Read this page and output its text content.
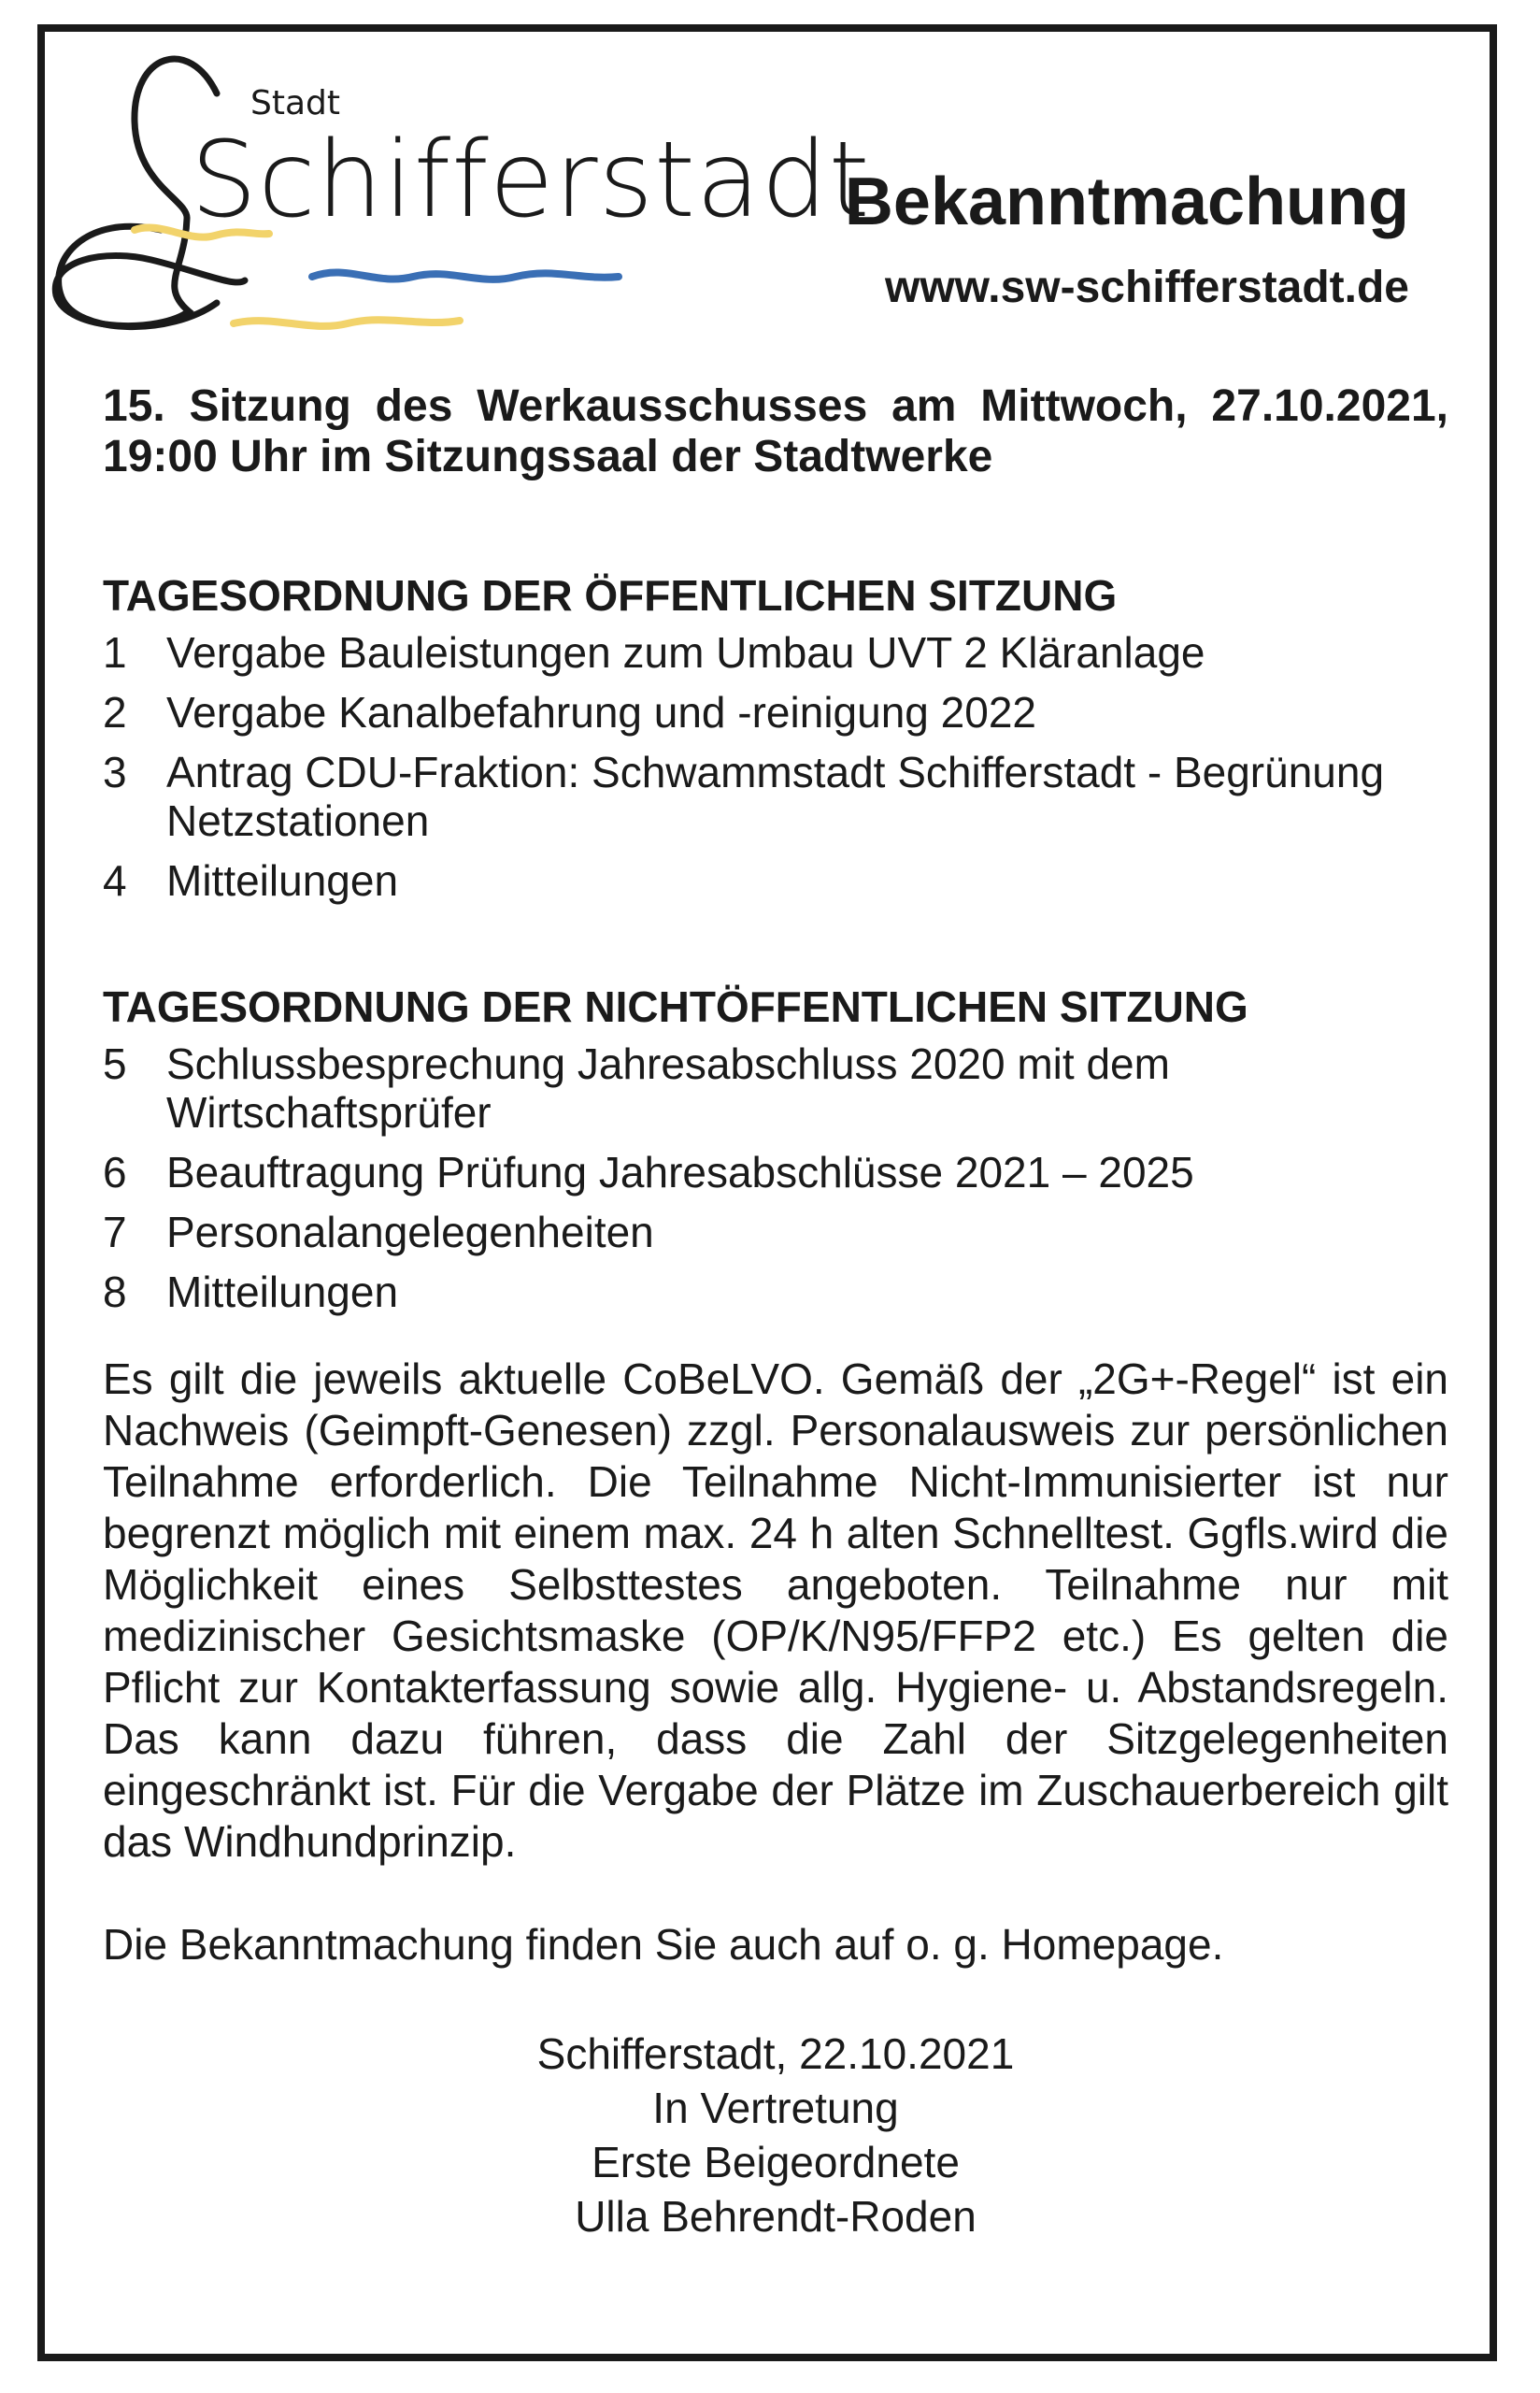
Stadt
Schifferstadt
Bekanntmachung
www.sw-schifferstadt.de
15. Sitzung des Werkausschusses am Mittwoch, 27.10.2021, 19:00 Uhr im Sitzungssaal der Stadtwerke
TAGESORDNUNG DER ÖFFENTLICHEN SITZUNG
1 Vergabe Bauleistungen zum Umbau UVT 2 Kläranlage
2 Vergabe Kanalbefahrung und -reinigung 2022
3 Antrag CDU-Fraktion: Schwammstadt Schifferstadt - Begrünung Netzstationen
4 Mitteilungen
TAGESORDNUNG DER NICHTÖFFENTLICHEN SITZUNG
5 Schlussbesprechung Jahresabschluss 2020 mit dem Wirtschaftsprüfer
6 Beauftragung Prüfung Jahresabschlüsse 2021 – 2025
7 Personalangelegenheiten
8 Mitteilungen
Es gilt die jeweils aktuelle CoBeLVO. Gemäß der „2G+-Regel“ ist ein Nachweis (Geimpft-Genesen) zzgl. Personalausweis zur persönlichen Teilnahme erforderlich. Die Teilnahme Nicht-Immunisierter ist nur begrenzt möglich mit einem max. 24 h alten Schnelltest. Ggfls.wird die Möglichkeit eines Selbsttestes angeboten. Teilnahme nur mit medizinischer Gesichtsmaske (OP/K/N95/FFP2 etc.) Es gelten die Pflicht zur Kontakterfassung sowie allg. Hygiene- u. Abstandsregeln. Das kann dazu führen, dass die Zahl der Sitzgelegenheiten eingeschränkt ist. Für die Vergabe der Plätze im Zuschauerbereich gilt das Windhundprinzip.
Die Bekanntmachung finden Sie auch auf o. g. Homepage.
Schifferstadt, 22.10.2021
In Vertretung
Erste Beigeordnete
Ulla Behrendt-Roden
